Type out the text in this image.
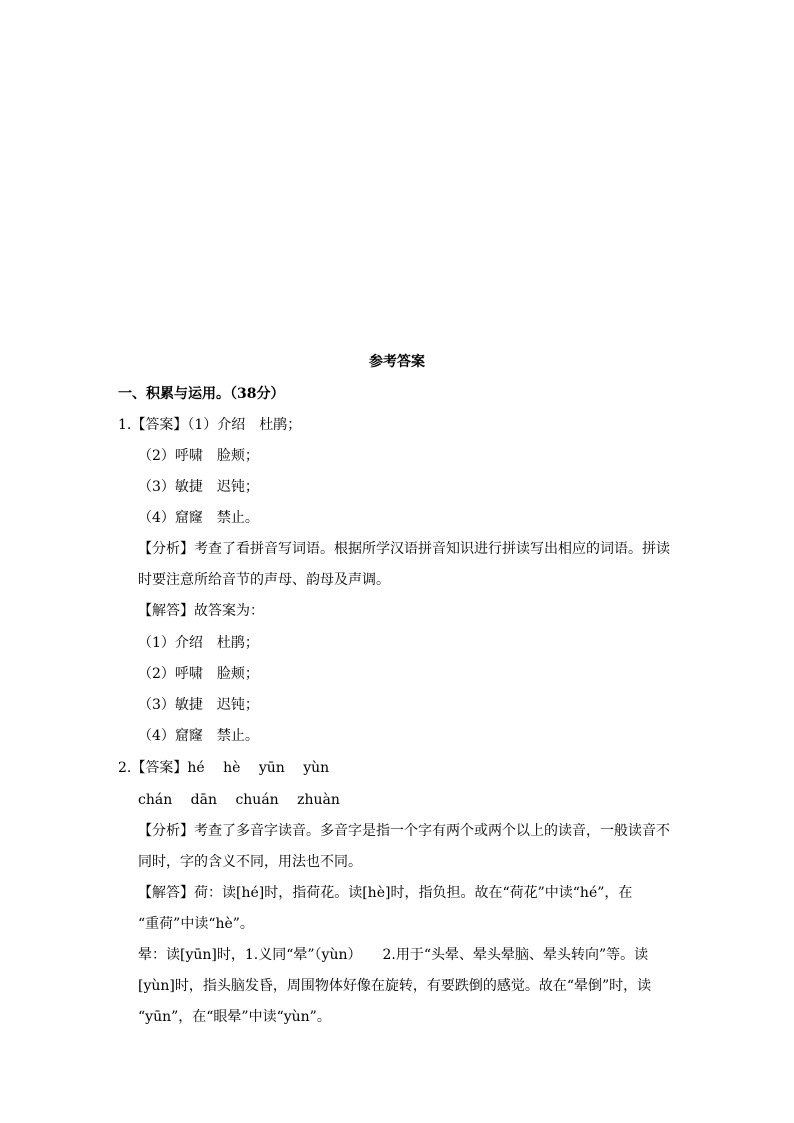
参考答案
一、积累与运用。（38分）
1.【答案】（1）介绍　杜鹃；
（2）呼啸　脸颊；
（3）敏捷　迟钝；
（4）窟窿　禁止。
【分析】考查了看拼音写词语。根据所学汉语拼音知识进行拼读写出相应的词语。拼读
时要注意所给音节的声母、韵母及声调。
【解答】故答案为：
（1）介绍　杜鹃；
（2）呼啸　脸颊；
（3）敏捷　迟钝；
（4）窟窿　禁止。
2.【答案】hé　 hè　 yūn　 yùn
chán　 dān　 chuán　 zhuàn
【分析】考查了多音字读音。多音字是指一个字有两个或两个以上的读音，一般读音不
同时，字的含义不同，用法也不同。
【解答】荷：读[hé]时，指荷花。读[hè]时，指负担。故在“荷花”中读“hé”，在
“重荷”中读“hè”。
晕：读[yūn]时，1.义同“晕”（yùn）　　2.用于“头晕、晕头晕脑、晕头转向”等。读
[yùn]时，指头脑发昏，周围物体好像在旋转，有要跌倒的感觉。故在“晕倒”时，读
“yūn”，在“眼晕”中读“yùn”。
